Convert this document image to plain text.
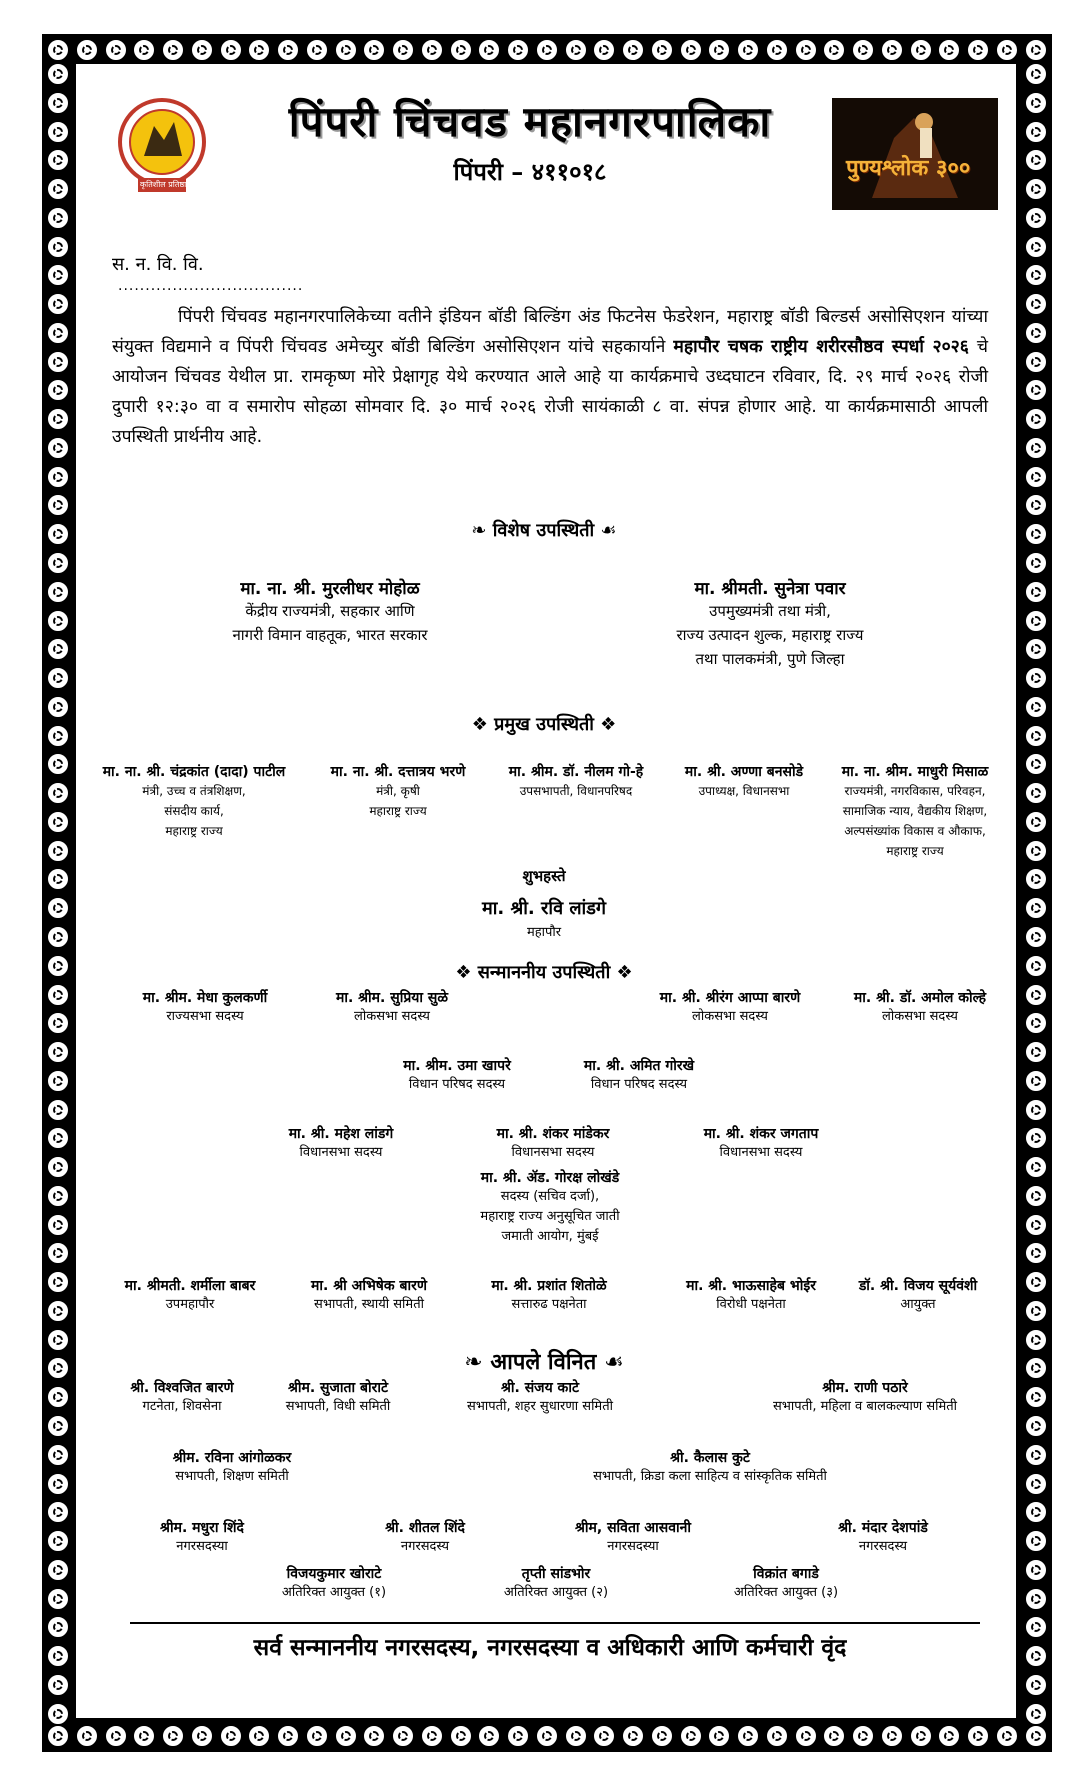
कृतिशील प्रतिष्ठान
पिंपरी चिंचवड महानगरपालिका
पिंपरी – ४११०१८	पुण्यश्लोक ३००
स. न. वि. वि.
..................................
पिंपरी चिंचवड महानगरपालिकेच्या वतीने इंडियन बॉडी बिल्डिंग अंड फिटनेस फेडरेशन, महाराष्ट्र बॉडी बिल्डर्स असोसिएशन यांच्या संयुक्त विद्यमाने व पिंपरी चिंचवड अमेच्युर बॉडी बिल्डिंग असोसिएशन यांचे सहकार्याने महापौर चषक राष्ट्रीय शरीरसौष्ठव स्पर्धा २०२६ चे आयोजन चिंचवड येथील प्रा. रामकृष्ण मोरे प्रेक्षागृह येथे करण्यात आले आहे या कार्यक्रमाचे उध्दघाटन रविवार, दि. २९ मार्च २०२६ रोजी दुपारी १२:३० वा व समारोप सोहळा सोमवार दि. ३० मार्च २०२६ रोजी सायंकाळी ८ वा. संपन्न होणार आहे. या कार्यक्रमासाठी आपली उपस्थिती प्रार्थनीय आहे.
❧ विशेष उपस्थिती ☙
मा. ना. श्री. मुरलीधर मोहोळ
केंद्रीय राज्यमंत्री, सहकार आणि
नागरी विमान वाहतूक, भारत सरकार
मा. श्रीमती. सुनेत्रा पवार
उपमुख्यमंत्री तथा मंत्री,
राज्य उत्पादन शुल्क, महाराष्ट्र राज्य
तथा पालकमंत्री, पुणे जिल्हा
❖ प्रमुख उपस्थिती ❖
मा. ना. श्री. चंद्रकांत (दादा) पाटील
मंत्री, उच्च व तंत्रशिक्षण,
संसदीय कार्य,
महाराष्ट्र राज्य
मा. ना. श्री. दत्तात्रय भरणे
मंत्री, कृषी
महाराष्ट्र राज्य
मा. श्रीम. डॉ. नीलम गो-हे
उपसभापती, विधानपरिषद
मा. श्री. अण्णा बनसोडे
उपाध्यक्ष, विधानसभा
मा. ना. श्रीम. माधुरी मिसाळ
राज्यमंत्री, नगरविकास, परिवहन,
सामाजिक न्याय, वैद्यकीय शिक्षण,
अल्पसंख्यांक विकास व औकाफ,
महाराष्ट्र राज्य
शुभहस्ते
मा. श्री. रवि लांडगे
महापौर
❖ सन्माननीय उपस्थिती ❖
मा. श्रीम. मेधा कुलकर्णी
राज्यसभा सदस्य
मा. श्रीम. सुप्रिया सुळे
लोकसभा सदस्य
मा. श्री. श्रीरंग आप्पा बारणे
लोकसभा सदस्य
मा. श्री. डॉ. अमोल कोल्हे
लोकसभा सदस्य
मा. श्रीम. उमा खापरे
विधान परिषद सदस्य
मा. श्री. अमित गोरखे
विधान परिषद सदस्य
मा. श्री. महेश लांडगे
विधानसभा सदस्य
मा. श्री. शंकर मांडेकर
विधानसभा सदस्य
मा. श्री. शंकर जगताप
विधानसभा सदस्य
मा. श्री. ॲड. गोरक्ष लोखंडे
सदस्य (सचिव दर्जा),
महाराष्ट्र राज्य अनुसूचित जाती
जमाती आयोग, मुंबई
मा. श्रीमती. शर्मीला बाबर
उपमहापौर
मा. श्री अभिषेक बारणे
सभापती, स्थायी समिती
मा. श्री. प्रशांत शितोळे
सत्तारुढ पक्षनेता
मा. श्री. भाऊसाहेब भोईर
विरोधी पक्षनेता
डॉ. श्री. विजय सूर्यवंशी
आयुक्त
❧ आपले विनित ☙
श्री. विश्वजित बारणे
गटनेता, शिवसेना
श्रीम. सुजाता बोराटे
सभापती, विधी समिती
श्री. संजय काटे
सभापती, शहर सुधारणा समिती
श्रीम. राणी पठारे
सभापती, महिला व बालकल्याण समिती
श्रीम. रविना आंगोळकर
सभापती, शिक्षण समिती
श्री. कैलास कुटे
सभापती, क्रिडा कला साहित्य व सांस्कृतिक समिती
श्रीम. मधुरा शिंदे
नगरसदस्या
श्री. शीतल शिंदे
नगरसदस्य
श्रीम, सविता आसवानी
नगरसदस्या
श्री. मंदार देशपांडे
नगरसदस्य
विजयकुमार खोराटे
अतिरिक्त आयुक्त (१)
तृप्ती सांडभोर
अतिरिक्त आयुक्त (२)
विक्रांत बगाडे
अतिरिक्त आयुक्त (३)
सर्व सन्माननीय नगरसदस्य, नगरसदस्या व अधिकारी आणि कर्मचारी वृंद
